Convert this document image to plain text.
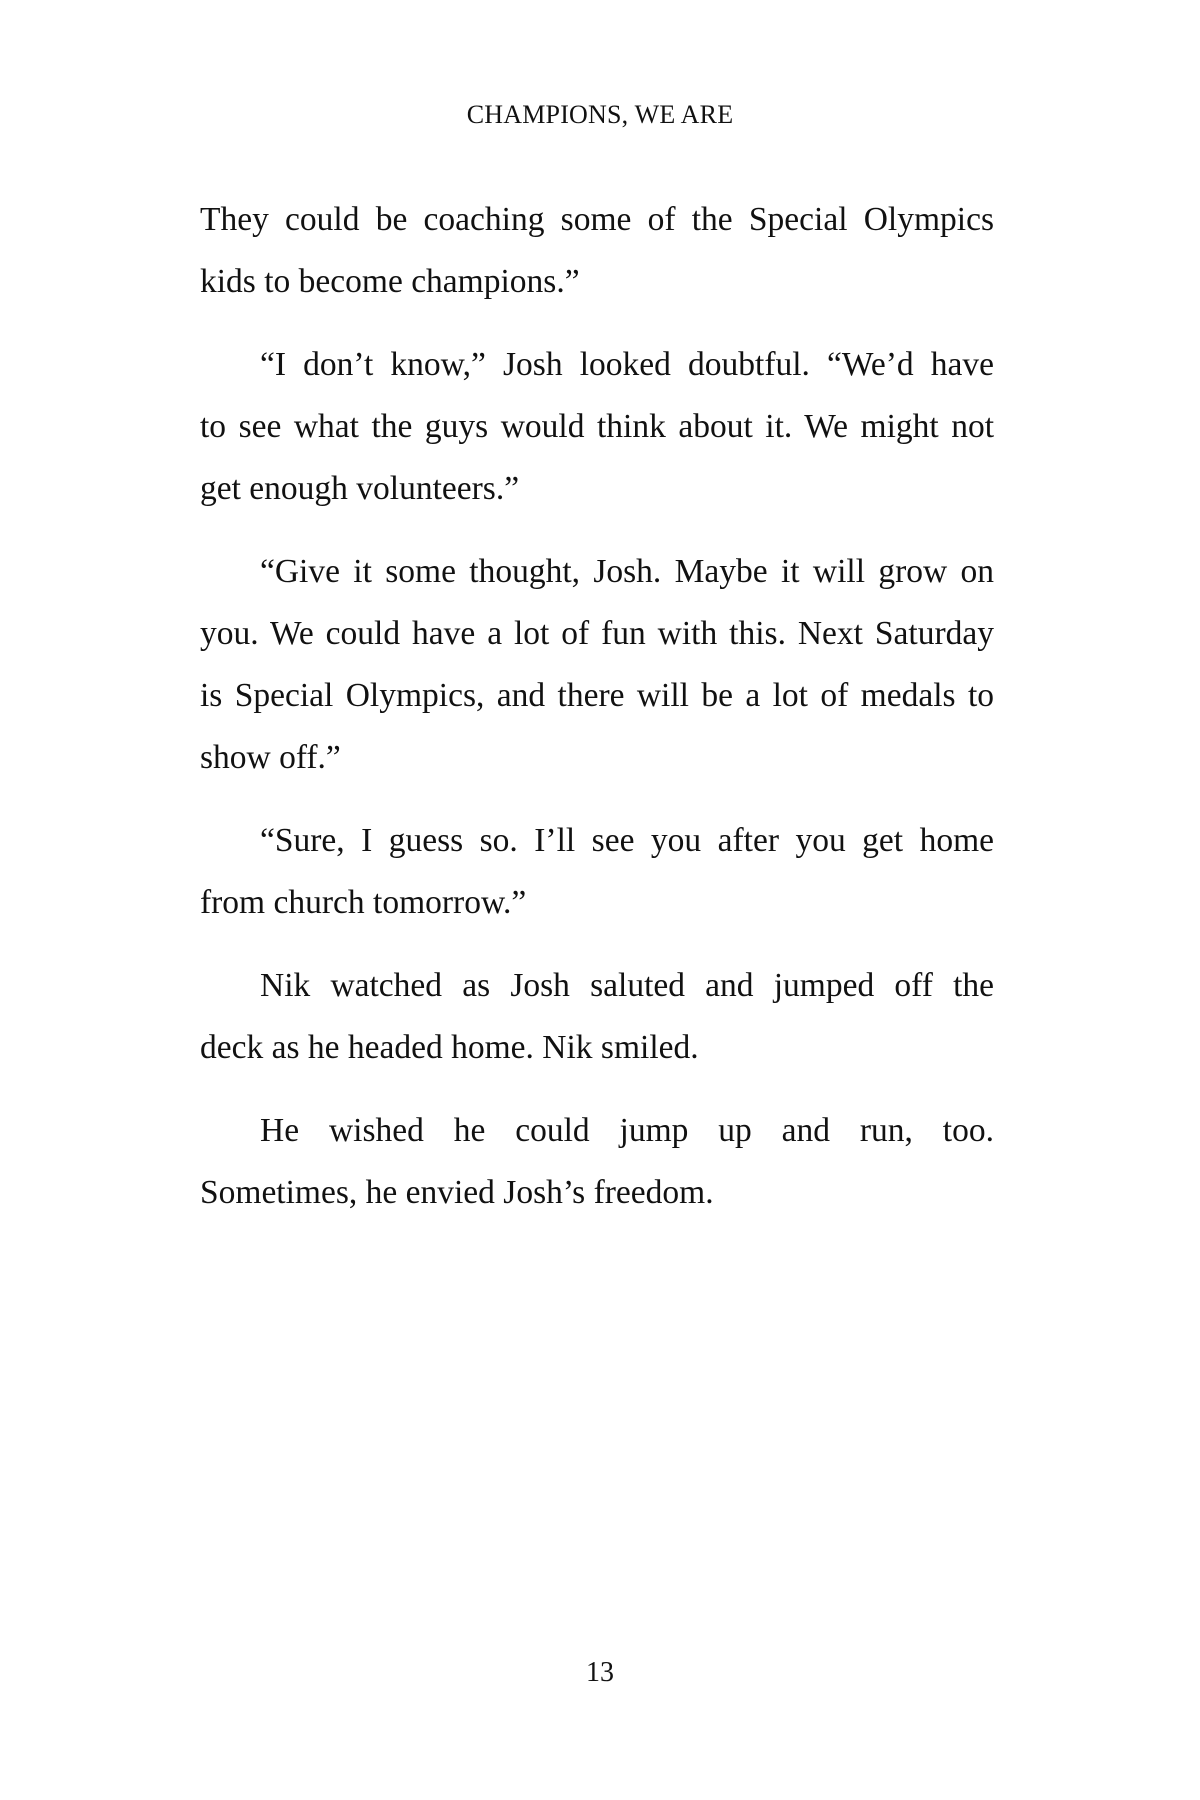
CHAMPIONS, WE ARE
They could be coaching some of the Special Olympics
kids to become champions.”
“I don’t know,” Josh looked doubtful. “We’d have
to see what the guys would think about it. We might not
get enough volunteers.”
“Give it some thought, Josh. Maybe it will grow on
you. We could have a lot of fun with this. Next Saturday
is Special Olympics, and there will be a lot of medals to
show off.”
“Sure, I guess so. I’ll see you after you get home
from church tomorrow.”
Nik watched as Josh saluted and jumped off the
deck as he headed home. Nik smiled.
He wished he could jump up and run, too.
Sometimes, he envied Josh’s freedom.
13
